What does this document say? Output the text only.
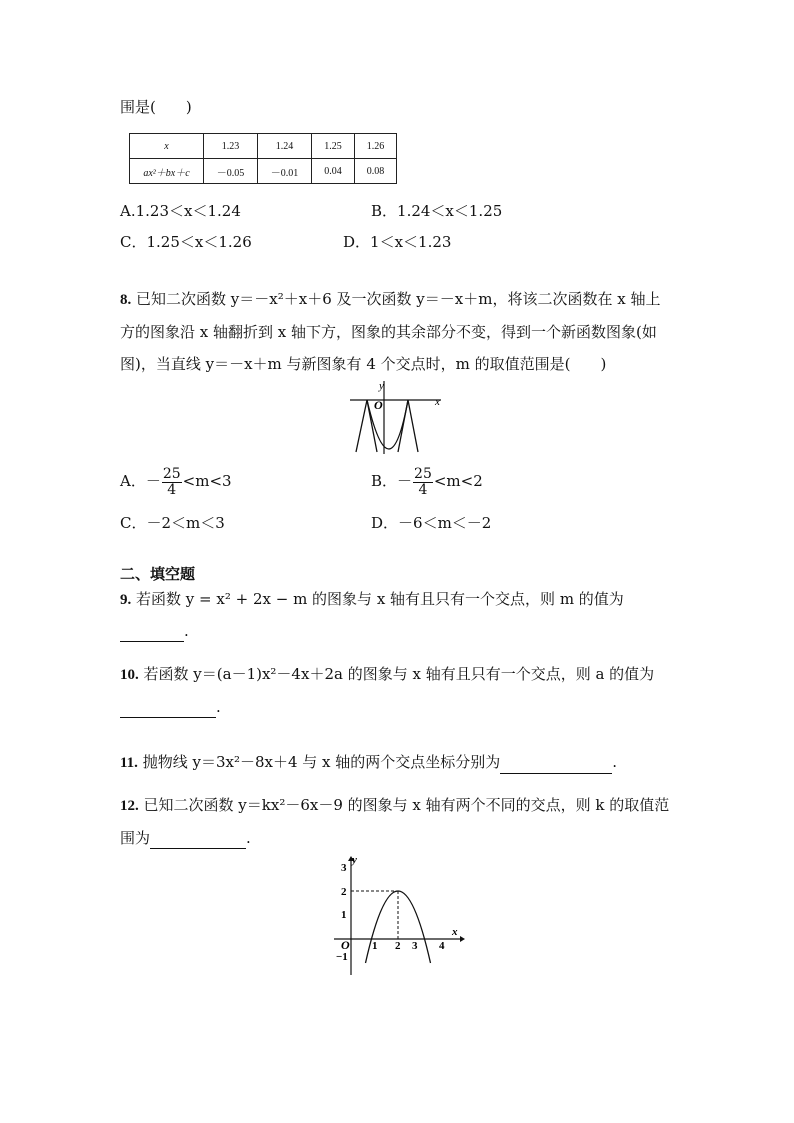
围是(　　)
x	1.23	1.24	1.25	1.26
ax²＋bx＋c	－0.05	－0.01	0.04	0.08
A.1.23＜x＜1.24	B．1.24＜x＜1.25
C．1.25＜x＜1.26	D．1＜x＜1.23
8. 已知二次函数 y＝－x²＋x＋6 及一次函数 y＝－x＋m，将该二次函数在 x 轴上
方的图象沿 x 轴翻折到 x 轴下方，图象的其余部分不变，得到一个新函数图象(如
图)，当直线 y＝－x＋m 与新图象有 4 个交点时，m 的取值范围是(　　)
y
O	x
A．－ $\frac{25}{4} <m<3$	B．－ $\frac{25}{4} <m<2$
C．－2＜m＜3	D．－6＜m＜－2
二、填空题
9. 若函数 y = x² + 2x − m 的图象与 x 轴有且只有一个交点，则 m 的值为
.
10. 若函数 y＝(a－1)x²－4x＋2a 的图象与 x 轴有且只有一个交点，则 a 的值为
.
11. 抛物线 y＝3x²－8x＋4 与 x 轴的两个交点坐标分别为	.
12. 已知二次函数 y＝kx²－6x－9 的图象与 x 轴有两个不同的交点，则 k 的取值范
围为	.
y
x
O 1 2 3 4
3
2
1
−1
